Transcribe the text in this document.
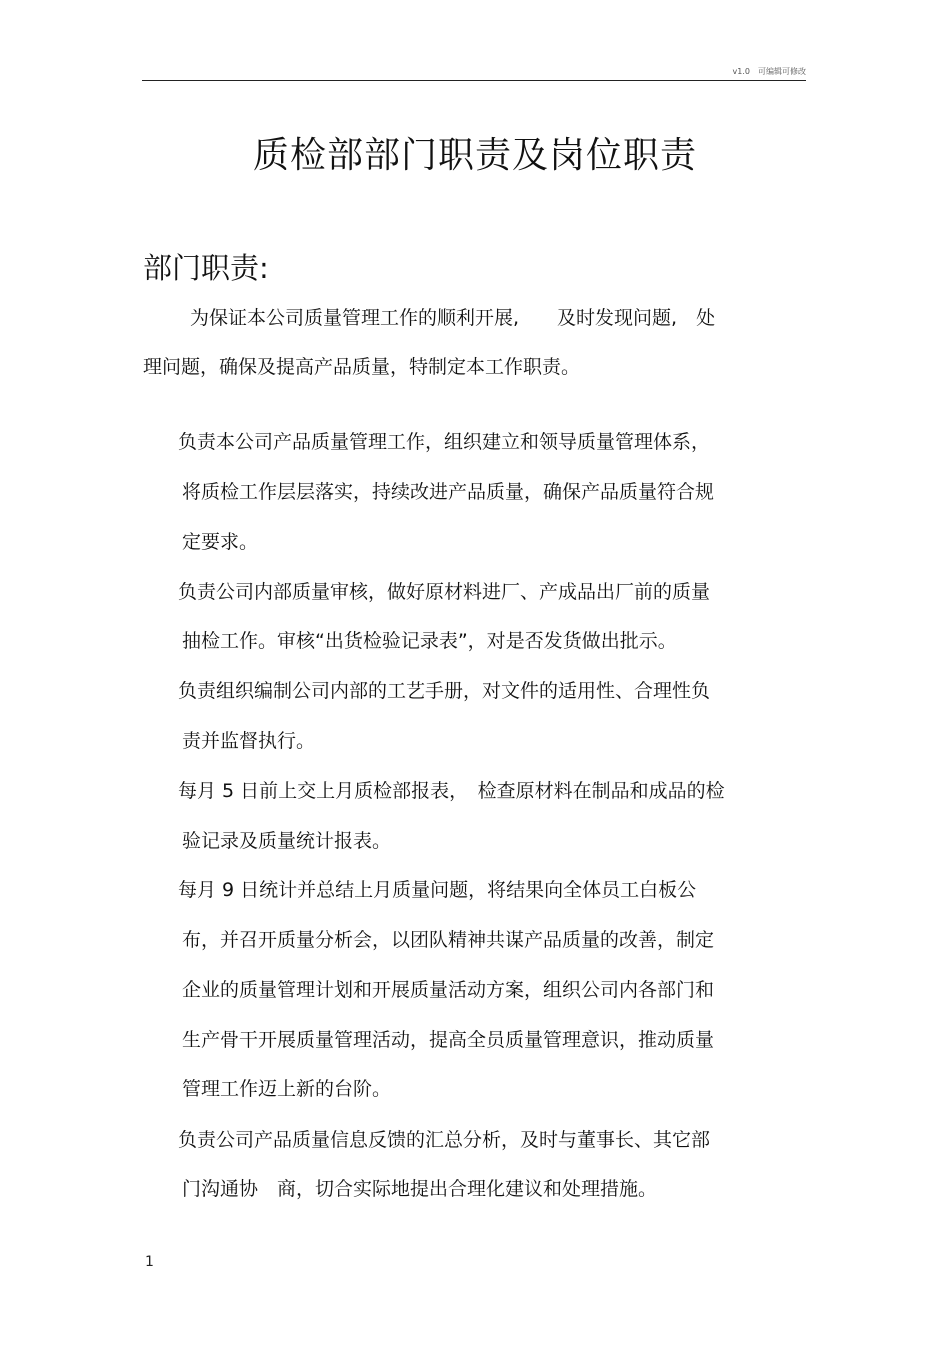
v1.0　可编辑可修改
质检部部门职责及岗位职责
部门职责:

为保证本公司质量管理工作的顺利开展,　　及时发现问题,　处

理问题，确保及提高产品质量，特制定本工作职责。

负责本公司产品质量管理工作，组织建立和领导质量管理体系，

将质检工作层层落实，持续改进产品质量，确保产品质量符合规

定要求。

负责公司内部质量审核，做好原材料进厂、产成品出厂前的质量

抽检工作。审核“出货检验记录表”，对是否发货做出批示。

负责组织编制公司内部的工艺手册，对文件的适用性、合理性负

责并监督执行。

每月 5 日前上交上月质检部报表，　检查原材料在制品和成品的检

验记录及质量统计报表。

每月 9 日统计并总结上月质量问题，将结果向全体员工白板公

布，并召开质量分析会，以团队精神共谋产品质量的改善，制定

企业的质量管理计划和开展质量活动方案，组织公司内各部门和

生产骨干开展质量管理活动，提高全员质量管理意识，推动质量

管理工作迈上新的台阶。

负责公司产品质量信息反馈的汇总分析，及时与董事长、其它部

门沟通协　商，切合实际地提出合理化建议和处理措施。

1
